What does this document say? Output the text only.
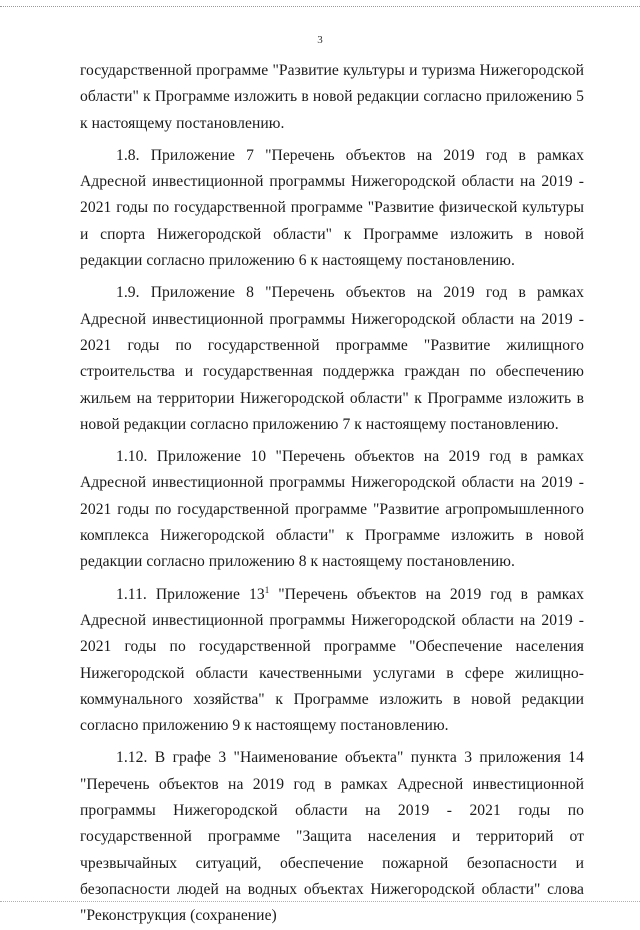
3

государственной программе "Развитие культуры и туризма Нижегородской области" к Программе изложить в новой редакции согласно приложению 5 к настоящему постановлению.

1.8. Приложение 7 "Перечень объектов на 2019 год в рамках Адресной инвестиционной программы Нижегородской области на 2019 - 2021 годы по государственной программе "Развитие физической культуры и спорта Нижегородской области" к Программе изложить в новой редакции согласно приложению 6 к настоящему постановлению.

1.9. Приложение 8 "Перечень объектов на 2019 год в рамках Адресной инвестиционной программы Нижегородской области на 2019 - 2021 годы по государственной программе "Развитие жилищного строительства и государственная поддержка граждан по обеспечению жильем на территории Нижегородской области" к Программе изложить в новой редакции согласно приложению 7 к настоящему постановлению.

1.10. Приложение 10 "Перечень объектов на 2019 год в рамках Адресной инвестиционной программы Нижегородской области на 2019 - 2021 годы по государственной программе "Развитие агропромышленного комплекса Нижегородской области" к Программе изложить в новой редакции согласно приложению 8 к настоящему постановлению.

1.11. Приложение $13^1$ "Перечень объектов на 2019 год в рамках Адресной инвестиционной программы Нижегородской области на 2019 - 2021 годы по государственной программе "Обеспечение населения Нижегородской области качественными услугами в сфере жилищно-коммунального хозяйства" к Программе изложить в новой редакции согласно приложению 9 к настоящему постановлению.

1.12. В графе 3 "Наименование объекта" пункта 3 приложения 14 "Перечень объектов на 2019 год в рамках Адресной инвестиционной программы Нижегородской области на 2019 - 2021 годы по государственной программе "Защита населения и территорий от чрезвычайных ситуаций, обеспечение пожарной безопасности и безопасности людей на водных объектах Нижегородской области" слова "Реконструкция (сохранение)
